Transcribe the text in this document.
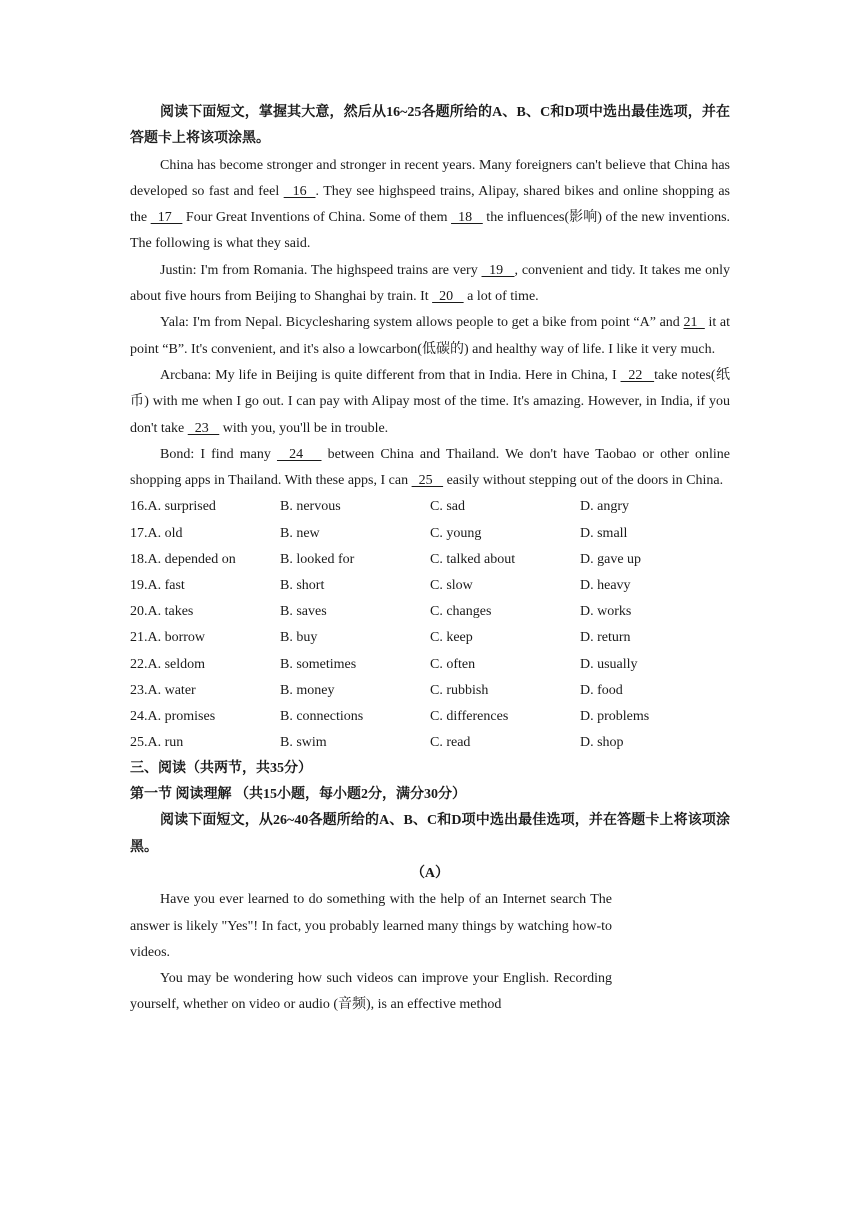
阅读下面短文，掌握其大意，然后从16~25各题所给的A、B、C和D项中选出最佳选项，并在答题卡上将该项涂黑。

China has become stronger and stronger in recent years. Many foreigners can't believe that China has developed so fast and feel   16  . They see highspeed trains, Alipay, shared bikes and online shopping as the   17    Four Great Inventions of China. Some of them   18    the influences(影响) of the new inventions. The following is what they said.

Justin: I'm from Romania. The highspeed trains are very   19   , convenient and tidy. It takes me only about five hours from Beijing to Shanghai by train. It   20    a lot of time.

Yala: I'm from Nepal. Bicyclesharing system allows people to get a bike from point “A” and 21   it at point “B”. It's convenient, and it's also a lowcarbon(低碳的) and healthy way of life. I like it very much.

Arcbana: My life in Beijing is quite different from that in India. Here in China, I   22   take notes(纸币) with me when I go out. I can pay with Alipay most of the time. It's amazing. However, in India, if you don't take   23    with you, you'll be in trouble.

Bond: I find many   24    between China and Thailand. We don't have Taobao or other online shopping apps in Thailand. With these apps, I can   25    easily without stepping out of the doors in China.

16.A. surprised	B. nervous	C. sad	D. angry
17.A. old	B. new	C. young	D. small
18.A. depended on	B. looked for	C. talked about	D. gave up
19.A. fast	B. short	C. slow	D. heavy
20.A. takes	B. saves	C. changes	D. works
21.A. borrow	B. buy	C. keep	D. return
22.A. seldom	B. sometimes	C. often	D. usually
23.A. water	B. money	C. rubbish	D. food
24.A. promises	B. connections	C. differences	D. problems
25.A. run	B. swim	C. read	D. shop

三、阅读（共两节，共35分）

第一节 阅读理解 （共15小题，每小题2分，满分30分）

阅读下面短文，从26~40各题所给的A、B、C和D项中选出最佳选项，并在答题卡上将该项涂黑。

（A）

Have you ever learned to do something with the help of an Internet search The answer is likely "Yes"! In fact, you probably learned many things by watching how-to videos.

You may be wondering how such videos can improve your English. Recording yourself, whether on video or audio (音频), is an effective method
